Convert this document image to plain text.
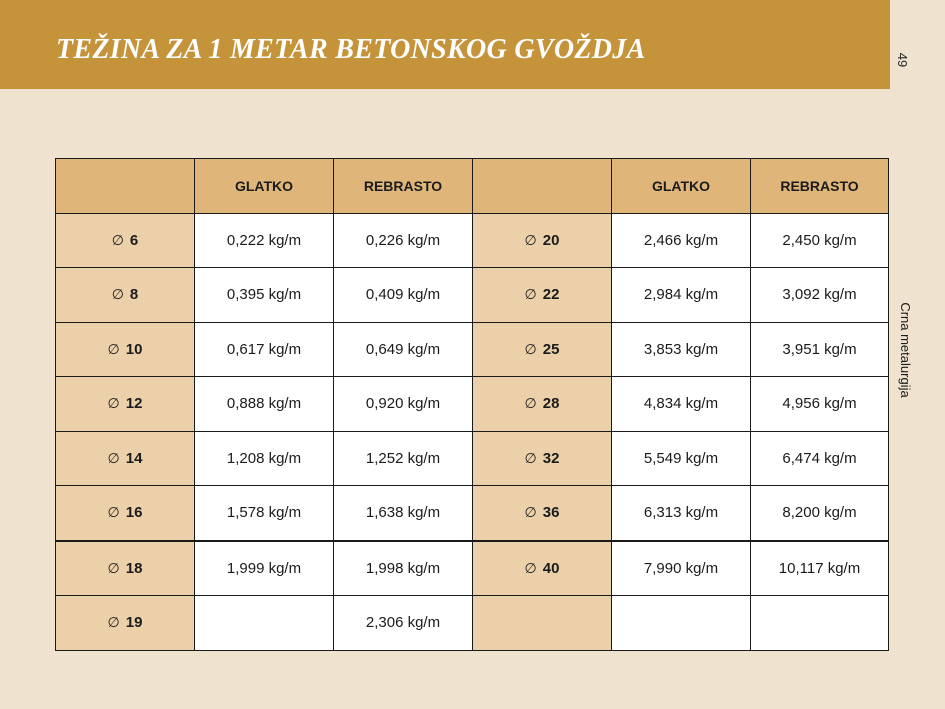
TEŽINA ZA 1 METAR BETONSKOG GVOŽDJA	49
Crna metalurgija
	GLATKO	REBRASTO		GLATKO	REBRASTO
∅ 6	0,222 kg/m	0,226 kg/m	∅ 20	2,466 kg/m	2,450 kg/m
∅ 8	0,395 kg/m	0,409 kg/m	∅ 22	2,984 kg/m	3,092 kg/m
∅ 10	0,617 kg/m	0,649 kg/m	∅ 25	3,853 kg/m	3,951 kg/m
∅ 12	0,888 kg/m	0,920 kg/m	∅ 28	4,834 kg/m	4,956 kg/m
∅ 14	1,208 kg/m	1,252 kg/m	∅ 32	5,549 kg/m	6,474 kg/m
∅ 16	1,578 kg/m	1,638 kg/m	∅ 36	6,313 kg/m	8,200 kg/m
∅ 18	1,999 kg/m	1,998 kg/m	∅ 40	7,990 kg/m	10,117 kg/m
∅ 19		2,306 kg/m			
